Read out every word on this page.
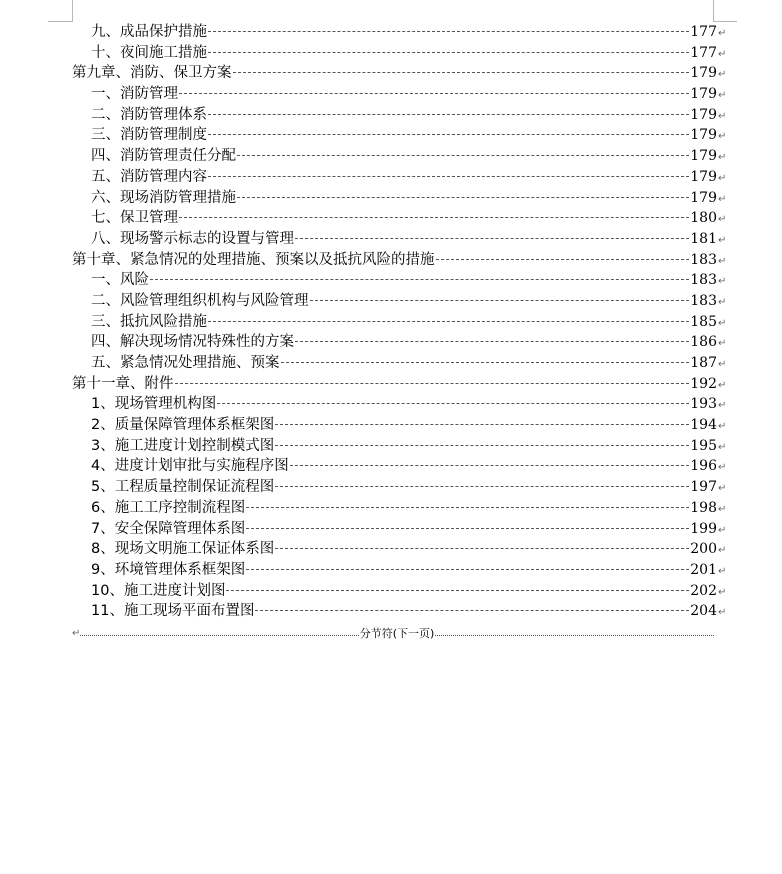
九、成品保护措施	177 ↵
十、夜间施工措施	177 ↵
第九章、消防、保卫方案	179 ↵
一、消防管理	179 ↵
二、消防管理体系	179 ↵
三、消防管理制度	179 ↵
四、消防管理责任分配	179 ↵
五、消防管理内容	179 ↵
六、现场消防管理措施	179 ↵
七、保卫管理	180 ↵
八、现场警示标志的设置与管理	181 ↵
第十章、紧急情况的处理措施、预案以及抵抗风险的措施	183 ↵
一、风险	183 ↵
二、风险管理组织机构与风险管理	183 ↵
三、抵抗风险措施	185 ↵
四、解决现场情况特殊性的方案	186 ↵
五、紧急情况处理措施、预案	187 ↵
第十一章、附件	192 ↵
1、现场管理机构图	193 ↵
2、质量保障管理体系框架图	194 ↵
3、施工进度计划控制模式图	195 ↵
4、进度计划审批与实施程序图	196 ↵
5、工程质量控制保证流程图	197 ↵
6、施工工序控制流程图	198 ↵
7、安全保障管理体系图	199 ↵
8、现场文明施工保证体系图	200 ↵
9、环境管理体系框架图	201 ↵
10、施工进度计划图	202 ↵
11、施工现场平面布置图	204 ↵
↵	分节符(下一页)
